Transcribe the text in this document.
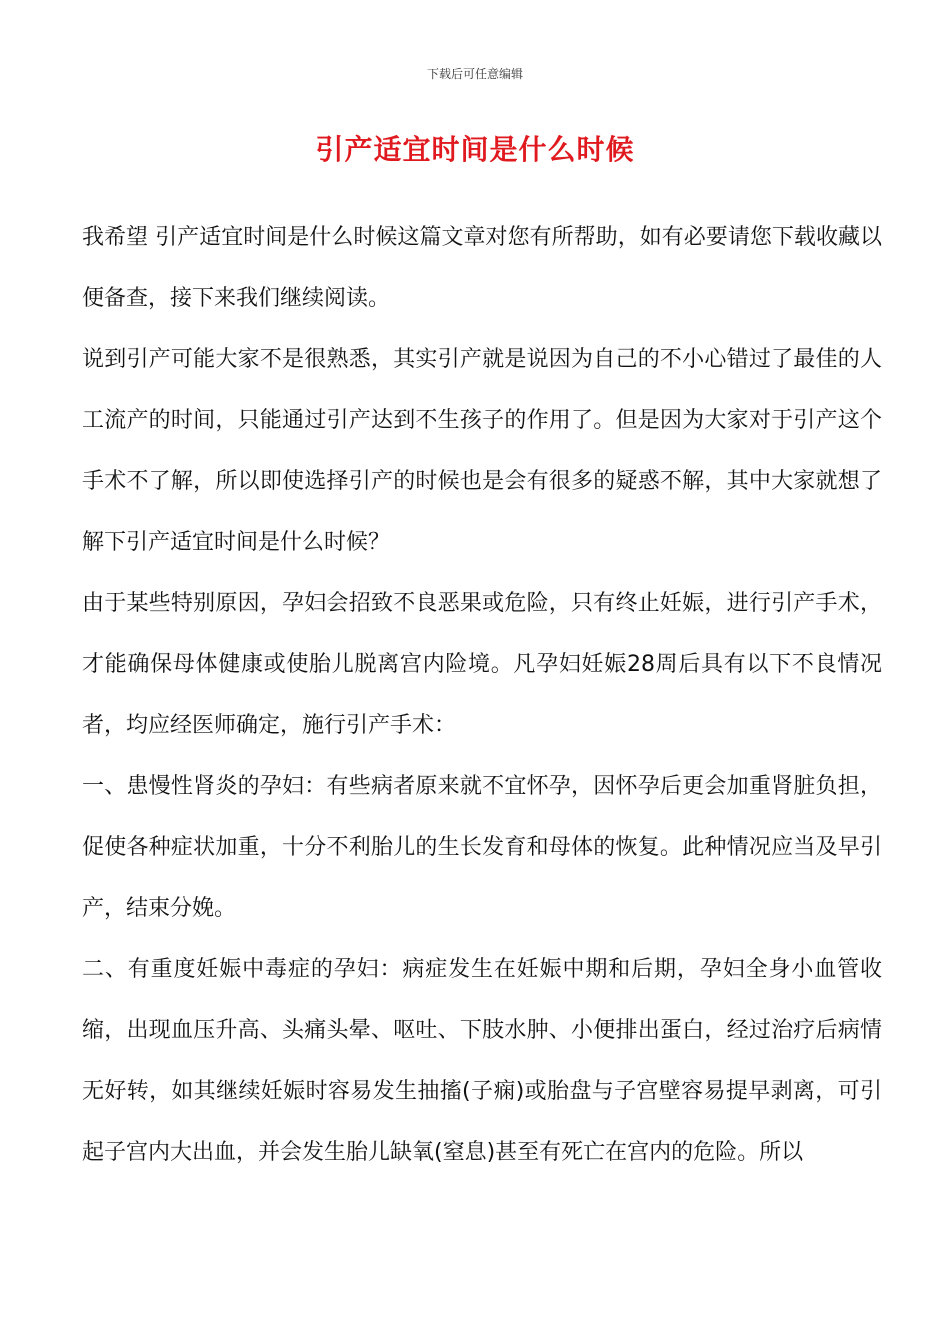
下载后可任意编辑
引产适宜时间是什么时候

我希望 引产适宜时间是什么时候这篇文章对您有所帮助，如有必要请您下载收藏以便备查，接下来我们继续阅读。

说到引产可能大家不是很熟悉，其实引产就是说因为自己的不小心错过了最佳的人工流产的时间，只能通过引产达到不生孩子的作用了。但是因为大家对于引产这个手术不了解，所以即使选择引产的时候也是会有很多的疑惑不解，其中大家就想了解下引产适宜时间是什么时候？

由于某些特别原因，孕妇会招致不良恶果或危险，只有终止妊娠，进行引产手术，才能确保母体健康或使胎儿脱离宫内险境。凡孕妇妊娠28周后具有以下不良情况者，均应经医师确定，施行引产手术：

一、患慢性肾炎的孕妇：有些病者原来就不宜怀孕，因怀孕后更会加重肾脏负担，促使各种症状加重，十分不利胎儿的生长发育和母体的恢复。此种情况应当及早引产，结束分娩。

二、有重度妊娠中毒症的孕妇：病症发生在妊娠中期和后期，孕妇全身小血管收缩，出现血压升高、头痛头晕、呕吐、下肢水肿、小便排出蛋白，经过治疗后病情无好转，如其继续妊娠时容易发生抽搐(子痫)或胎盘与子宫壁容易提早剥离，可引起子宫内大出血，并会发生胎儿缺氧(窒息)甚至有死亡在宫内的危险。所以
